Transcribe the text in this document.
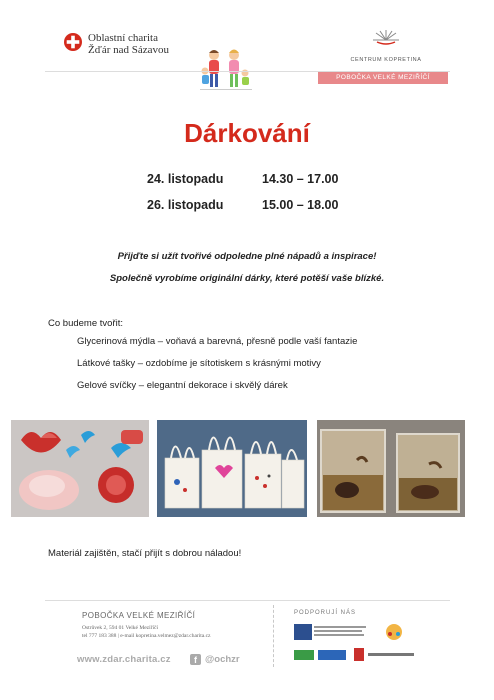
Oblastní charita
Žďár nad Sázavou
CENTRUM KOPRETINA
POBOČKA VELKÉ MEZIŘÍČÍ
Dárkování
24. listopadu	14.30 – 17.00
26. listopadu	15.00 – 18.00
Přijďte si užít tvořivé odpoledne plné nápadů a inspirace!
Společně vyrobíme originální dárky, které potěší vaše blízké.
Co budeme tvořit:
Glycerinová mýdla – voňavá a barevná, přesně podle vaší fantazie
Látkové tašky – ozdobíme je sítotiskem s krásnými motivy
Gelové svíčky – elegantní dekorace i skvělý dárek
Materiál zajištěn, stačí přijít s dobrou náladou!
POBOČKA VELKÉ MEZIŘÍČÍ
Ostrůvek 2, 594 01 Velké Meziříčí
tel 777 183 388 | e-mail kopretina.velmez@zdar.charita.cz
www.zdar.charita.cz	f @ochzr
PODPORUJÍ NÁS
